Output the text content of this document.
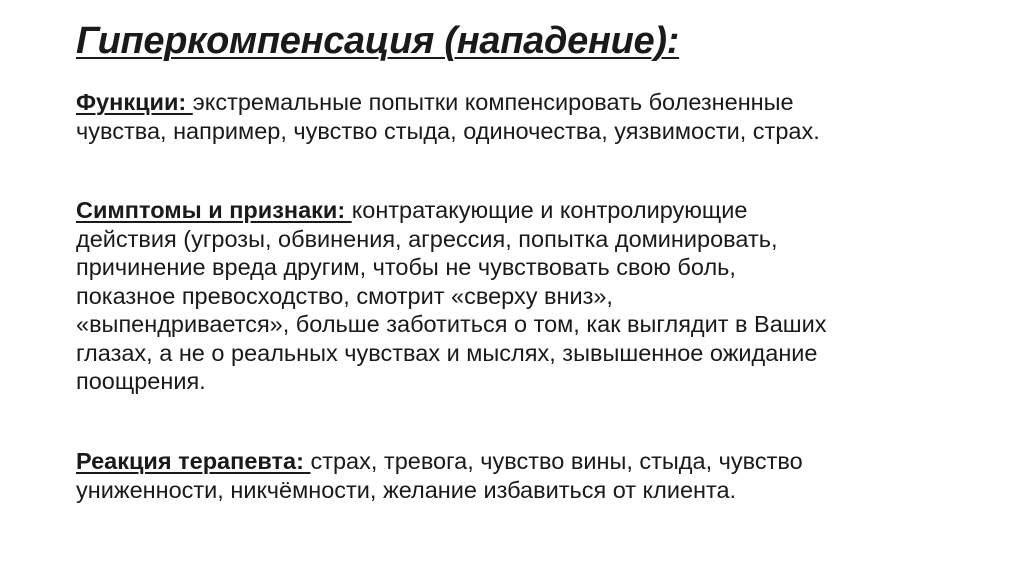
Гиперкомпенсация (нападение):

Функции: экстремальные попытки компенсировать болезненные
чувства, например, чувство стыда, одиночества, уязвимости, страх.

Симптомы и признаки: контратакующие и контролирующие
действия (угрозы, обвинения, агрессия, попытка доминировать,
причинение вреда другим, чтобы не чувствовать свою боль,
показное превосходство, смотрит «сверху вниз»,
«выпендривается», больше заботиться о том, как выглядит в Ваших
глазах, а не о реальных чувствах и мыслях, зывышенное ожидание
поощрения.

Реакция терапевта: страх, тревога, чувство вины, стыда, чувство
униженности, никчёмности, желание избавиться от клиента.
